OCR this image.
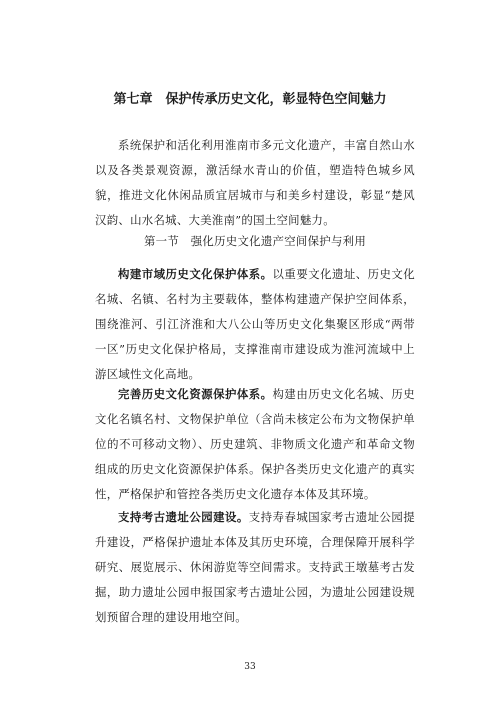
第七章　保护传承历史文化，彰显特色空间魅力
系统保护和活化利用淮南市多元文化遗产，丰富自然山水以及各类景观资源，激活绿水青山的价值，塑造特色城乡风貌，推进文化休闲品质宜居城市与和美乡村建设，彰显“楚风汉韵、山水名城、大美淮南”的国土空间魅力。
第一节　强化历史文化遗产空间保护与利用
构建市域历史文化保护体系。以重要文化遗址、历史文化名城、名镇、名村为主要载体，整体构建遗产保护空间体系，围绕淮河、引江济淮和大八公山等历史文化集聚区形成“两带一区”历史文化保护格局，支撑淮南市建设成为淮河流域中上游区域性文化高地。
完善历史文化资源保护体系。构建由历史文化名城、历史文化名镇名村、文物保护单位（含尚未核定公布为文物保护单位的不可移动文物）、历史建筑、非物质文化遗产和革命文物组成的历史文化资源保护体系。保护各类历史文化遗产的真实性，严格保护和管控各类历史文化遗存本体及其环境。
支持考古遗址公园建设。支持寿春城国家考古遗址公园提升建设，严格保护遗址本体及其历史环境，合理保障开展科学研究、展览展示、休闲游览等空间需求。支持武王墩墓考古发掘，助力遗址公园申报国家考古遗址公园，为遗址公园建设规划预留合理的建设用地空间。
33
